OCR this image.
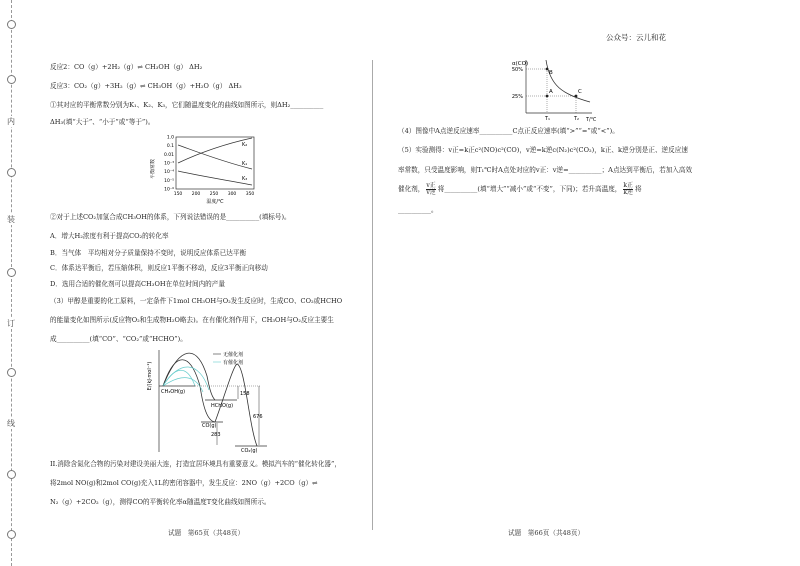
内
装
订
线
公众号：云儿和花
反应2：CO（g）+2H₂（g）⇌ CH₃OH（g） ΔH₂
反应3：CO₂（g）+3H₂（g）⇌ CH₃OH（g）+H₂O（g） ΔH₃
①其对应的平衡常数分别为K₁、K₂、K₃，它们随温度变化的曲线如图所示，则ΔH₂__________
ΔH₃(填“大于”、“小于”或“等于”)。
平衡常数
1.0
0.1
0.01
10⁻³
10⁻⁴
10⁻⁵
10⁻⁶
150 200 250 300 350
K₂
K₁
K₃
温度/℃
②对于上述CO₂加氢合成CH₃OH的体系，下列说法错误的是__________(填标号)。
A．增大H₂浓度有利于提高CO₂的转化率
B．当气体　平均相对分子质量保持不变时，说明反应体系已达平衡
C．体系达平衡后，若压缩体积，则反应1平衡不移动，反应3平衡正向移动
D．选用合适的催化剂可以提高CH₃OH在单位时间内的产量
（3）甲醇是重要的化工原料，一定条件下1mol CH₃OH与O₂发生反应时，生成CO、CO₂或HCHO
的能量变化如图所示(反应物O₂和生成物H₂O略去)。在有催化剂作用下，CH₃OH与O₂反应主要生
成__________(填“CO”、“CO₂”或“HCHO”)。
E/(kJ·mol⁻¹)
无催化剂
有催化剂
CH₃OH(g)
HCHO(g)
CO(g)
CO₂(g)
158
283
676
II.消除含氮化合物的污染对建设美丽大连，打造宜居环境具有重要意义。模拟汽车的“催化转化器”，
将2mol NO(g)和2mol CO(g)充入1L的密闭容器中，发生反应：2NO（g）+2CO（g）⇌
N₂（g）+2CO₂（g），测得CO的平衡转化率α随温度T变化曲线如图所示。
试题　第65页（共48页）
α(CO)
T/℃
50%
25%
A
B
C
T₁	T₂
（4）图像中A点逆反应速率__________C点正反应速率(填“>”“=”或“<”)。
（5）实验测得：v正=k正c²(NO)c²(CO)，v逆=k逆c(N₂)c²(CO₂)，k正、k逆分别是正、逆反应速
率常数，只受温度影响，则T₁℃时A点处对应的v正：v逆=__________；A点达到平衡后，若加入高效
催化剂， v正
v逆 将__________(填“增大”“减小”或“不变”，下同)；若升高温度， k正
k逆 将
__________。
试题　第66页（共48页）
